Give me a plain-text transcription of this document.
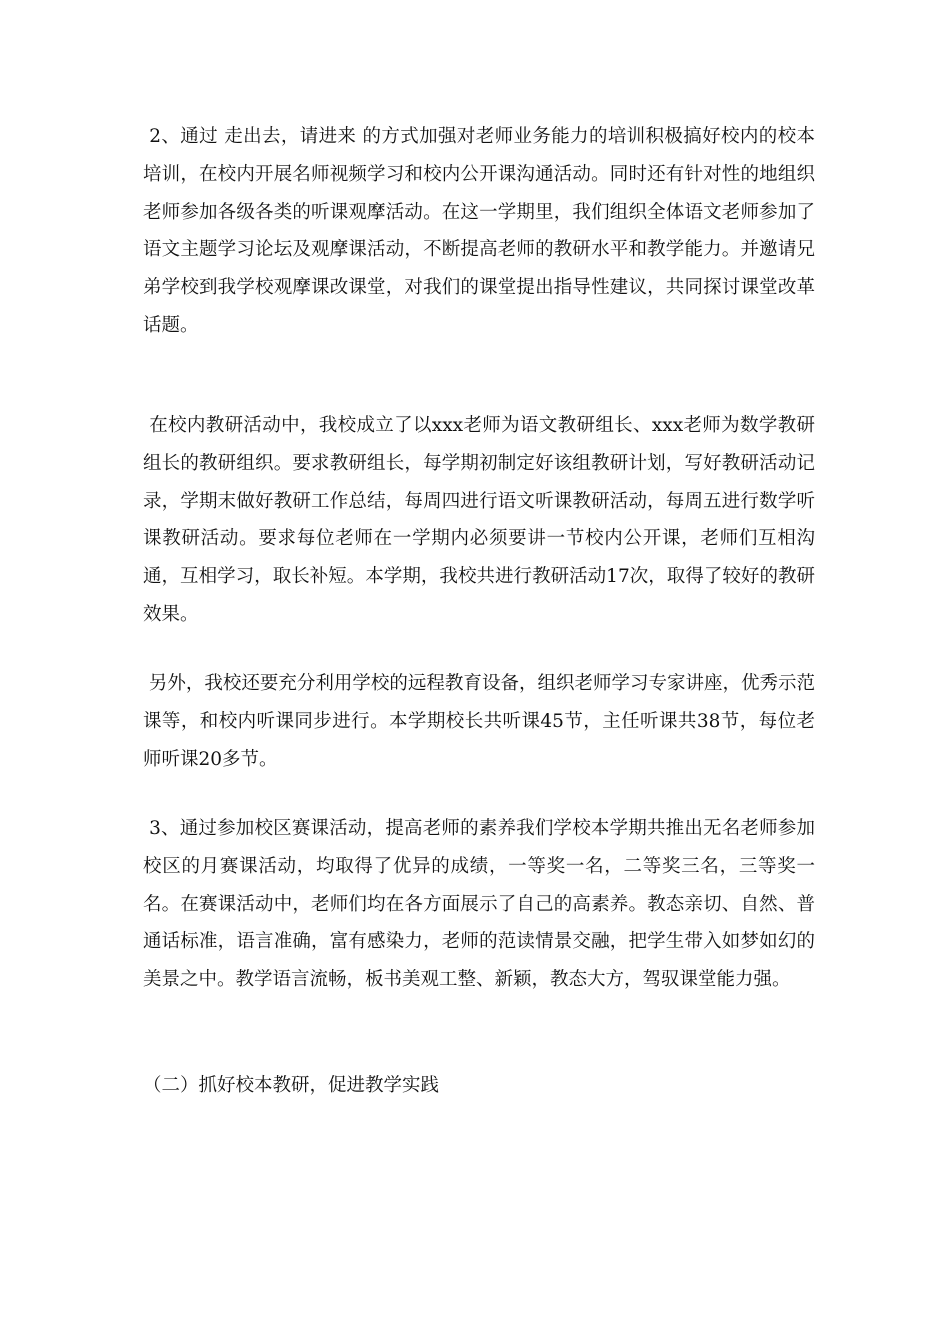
2、通过 走出去，请进来 的方式加强对老师业务能力的培训积极搞好校内的校本培训，在校内开展名师视频学习和校内公开课沟通活动。同时还有针对性的地组织老师参加各级各类的听课观摩活动。在这一学期里，我们组织全体语文老师参加了语文主题学习论坛及观摩课活动，不断提高老师的教研水平和教学能力。并邀请兄弟学校到我学校观摩课改课堂，对我们的课堂提出指导性建议，共同探讨课堂改革话题。

在校内教研活动中，我校成立了以xxx老师为语文教研组长、xxx老师为数学教研组长的教研组织。要求教研组长，每学期初制定好该组教研计划，写好教研活动记录，学期末做好教研工作总结，每周四进行语文听课教研活动，每周五进行数学听课教研活动。要求每位老师在一学期内必须要讲一节校内公开课，老师们互相沟通，互相学习，取长补短。本学期，我校共进行教研活动17次，取得了较好的教研效果。

另外，我校还要充分利用学校的远程教育设备，组织老师学习专家讲座，优秀示范课等，和校内听课同步进行。本学期校长共听课45节，主任听课共38节，每位老师听课20多节。

3、通过参加校区赛课活动，提高老师的素养我们学校本学期共推出无名老师参加校区的月赛课活动，均取得了优异的成绩，一等奖一名，二等奖三名，三等奖一名。在赛课活动中，老师们均在各方面展示了自己的高素养。教态亲切、自然、普通话标准，语言准确，富有感染力，老师的范读情景交融，把学生带入如梦如幻的美景之中。教学语言流畅，板书美观工整、新颖，教态大方，驾驭课堂能力强。

（二）抓好校本教研，促进教学实践
